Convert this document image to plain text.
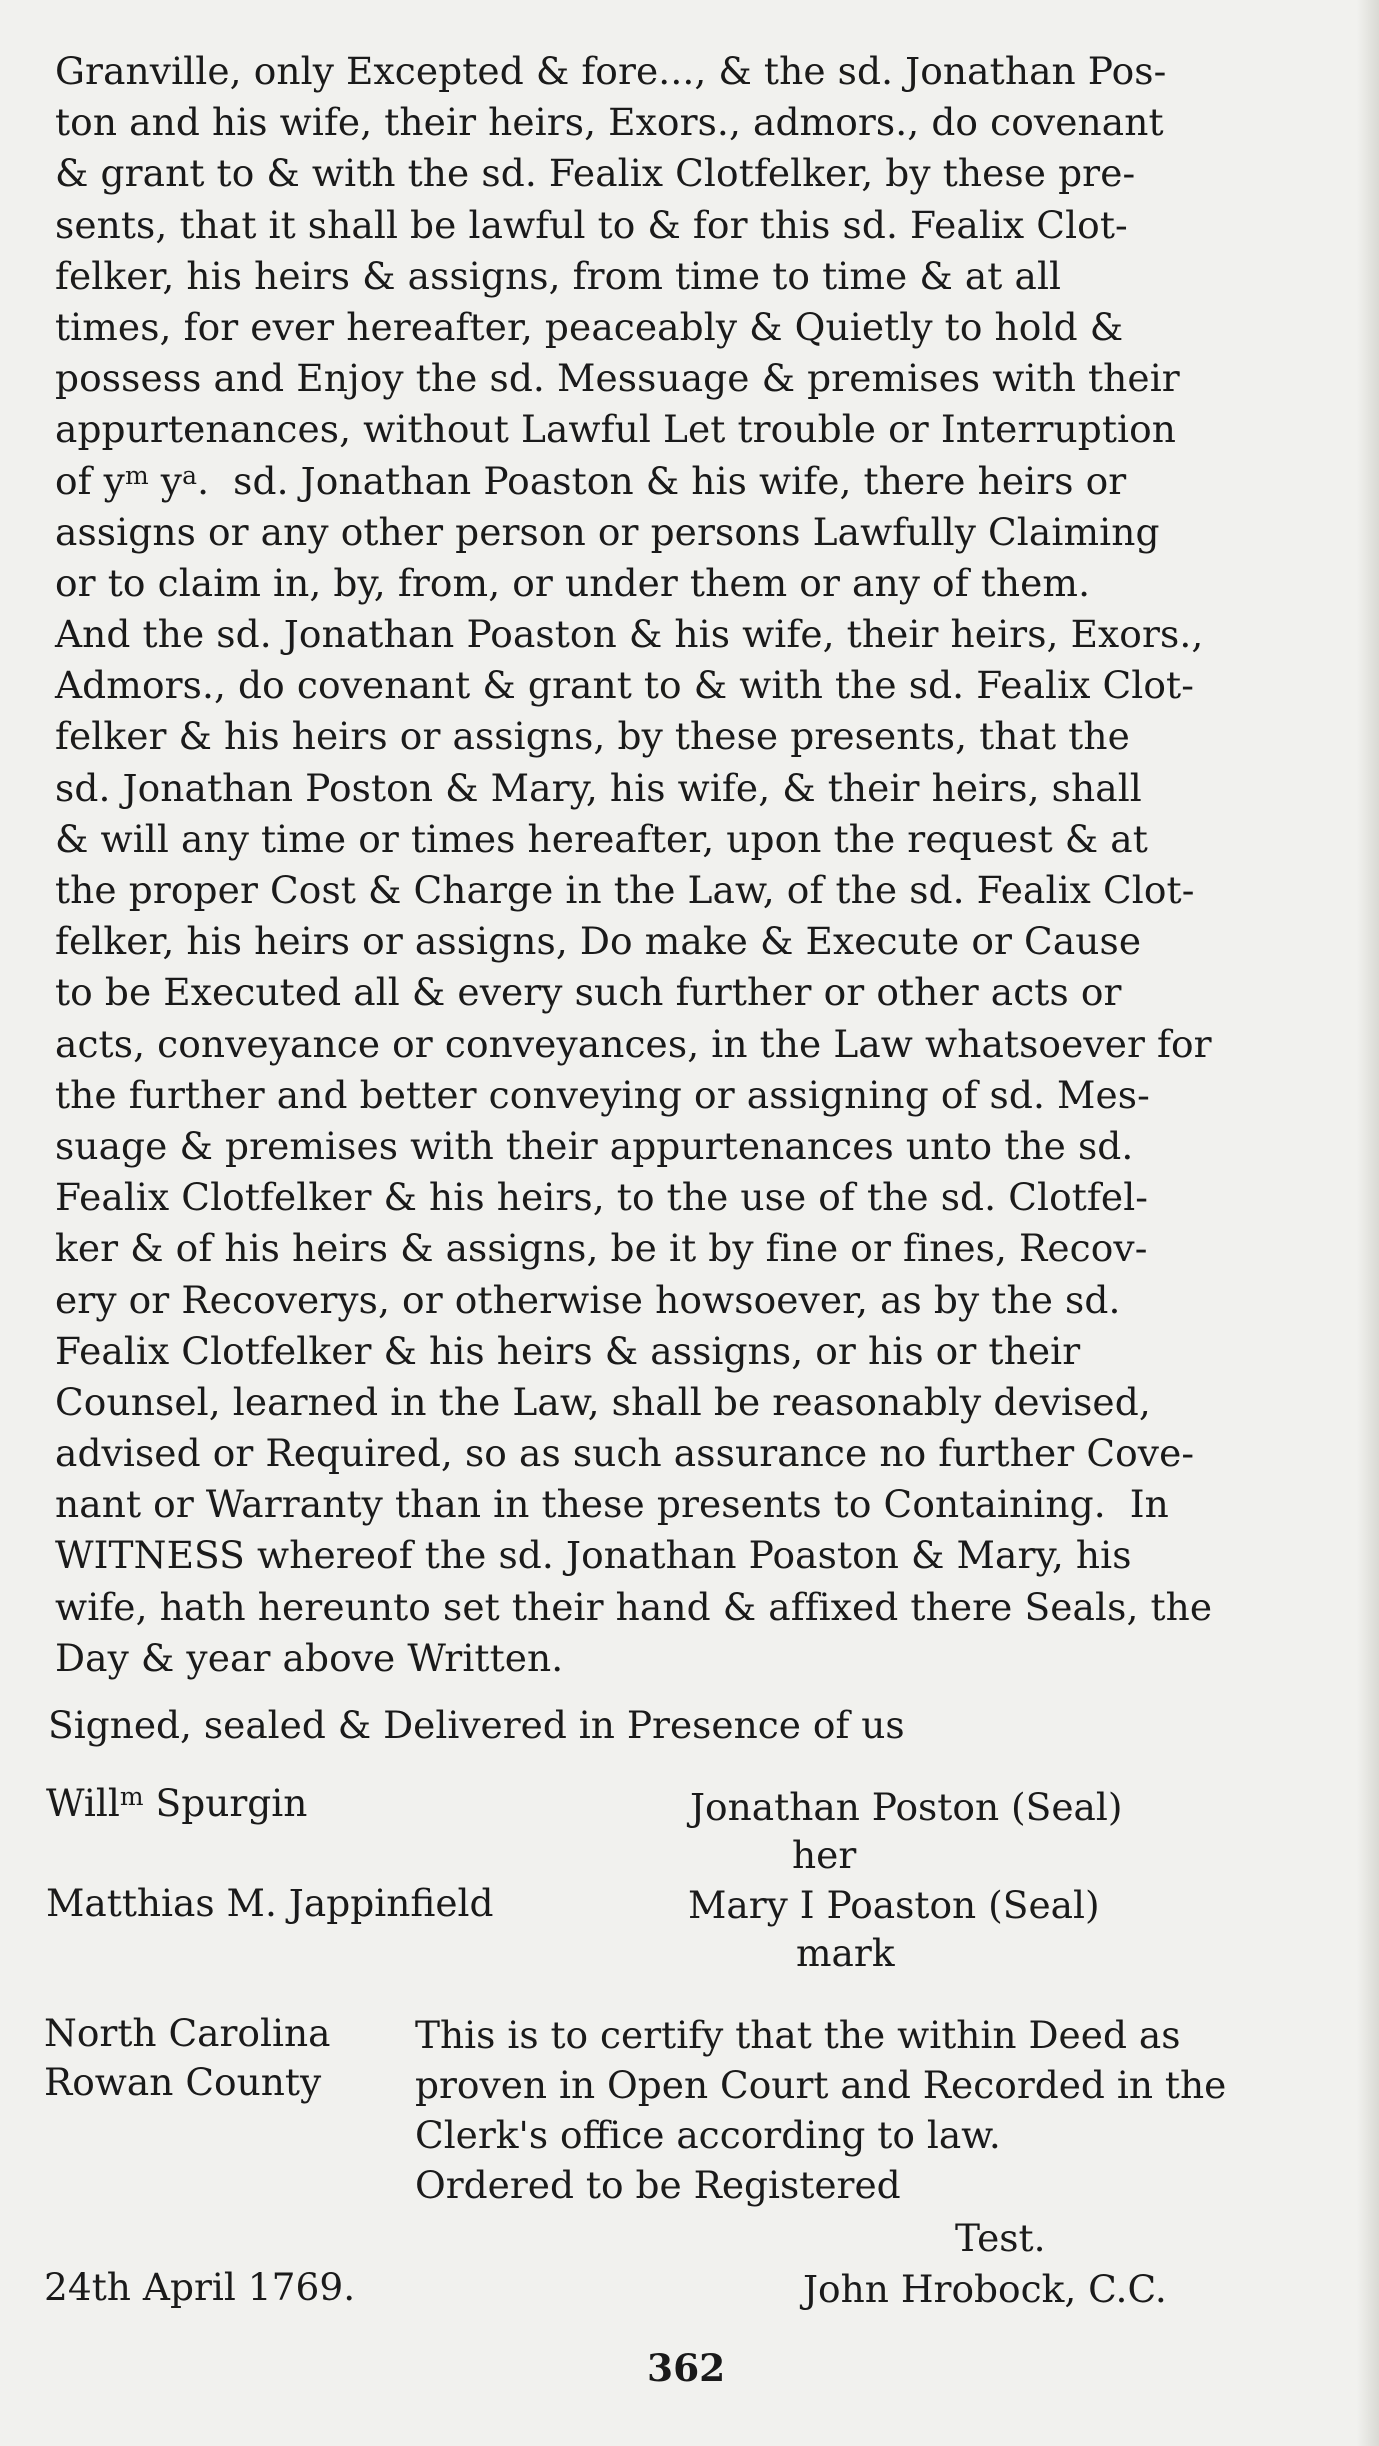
Granville, only Excepted & fore..., & the sd. Jonathan Pos-
ton and his wife, their heirs, Exors., admors., do covenant
& grant to & with the sd. Fealix Clotfelker, by these pre-
sents, that it shall be lawful to & for this sd. Fealix Clot-
felker, his heirs & assigns, from time to time & at all
times, for ever hereafter, peaceably & Quietly to hold &
possess and Enjoy the sd. Messuage & premises with their
appurtenances, without Lawful Let trouble or Interruption
of $y^m$ $y^a$.  sd. Jonathan Poaston & his wife, there heirs or
assigns or any other person or persons Lawfully Claiming
or to claim in, by, from, or under them or any of them.
And the sd. Jonathan Poaston & his wife, their heirs, Exors.,
Admors., do covenant & grant to & with the sd. Fealix Clot-
felker & his heirs or assigns, by these presents, that the
sd. Jonathan Poston & Mary, his wife, & their heirs, shall
& will any time or times hereafter, upon the request & at
the proper Cost & Charge in the Law, of the sd. Fealix Clot-
felker, his heirs or assigns, Do make & Execute or Cause
to be Executed all & every such further or other acts or
acts, conveyance or conveyances, in the Law whatsoever for
the further and better conveying or assigning of sd. Mes-
suage & premises with their appurtenances unto the sd.
Fealix Clotfelker & his heirs, to the use of the sd. Clotfel-
ker & of his heirs & assigns, be it by fine or fines, Recov-
ery or Recoverys, or otherwise howsoever, as by the sd.
Fealix Clotfelker & his heirs & assigns, or his or their
Counsel, learned in the Law, shall be reasonably devised,
advised or Required, so as such assurance no further Cove-
nant or Warranty than in these presents to Containing.  In
WITNESS whereof the sd. Jonathan Poaston & Mary, his
wife, hath hereunto set their hand & affixed there Seals, the
Day & year above Written.

Signed, sealed & Delivered in Presence of us

Will$^m$ Spurgin

Matthias M. Jappinfield

Jonathan Poston (Seal)

her

Mary I Poaston (Seal)

mark

North Carolina

Rowan County

This is to certify that the within Deed as
proven in Open Court and Recorded in the
Clerk's office according to law.
Ordered to be Registered

Test.

24th April 1769.	John Hrobock, C.C.

362
